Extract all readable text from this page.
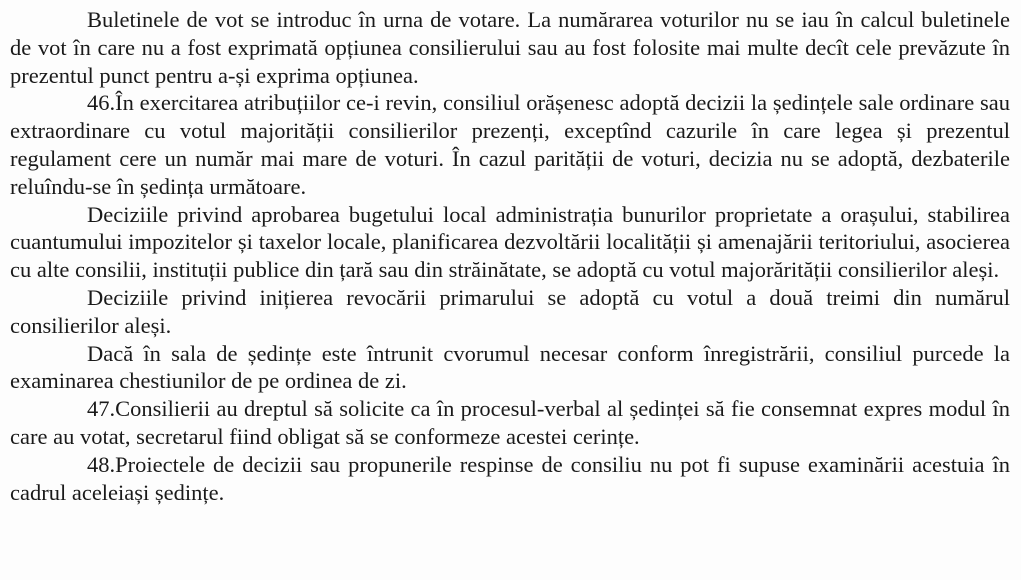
Buletinele de vot se introduc în urna de votare. La numărarea voturilor nu se iau în calcul buletinele de vot în care nu a fost exprimată opțiunea consilierului sau au fost folosite mai multe decît cele prevăzute în prezentul punct pentru a-și exprima opțiunea.

46.În exercitarea atribuțiilor ce-i revin, consiliul orășenesc adoptă decizii la ședințele sale ordinare sau extraordinare cu votul majorității consilierilor prezenți, exceptînd cazurile în care legea și prezentul regulament cere un număr mai mare de voturi. În cazul parității de voturi, decizia nu se adoptă, dezbaterile reluîndu-se în ședința următoare.

Deciziile privind aprobarea bugetului local administrația bunurilor proprietate a orașului, stabilirea cuantumului impozitelor și taxelor locale, planificarea dezvoltării localității și amenajării teritoriului, asocierea cu alte consilii, instituții publice din țară sau din străinătate, se adoptă cu votul majorărității consilierilor aleși.

Deciziile privind inițierea revocării primarului se adoptă cu votul a două treimi din numărul consilierilor aleși.

Dacă în sala de ședințe este întrunit cvorumul necesar conform înregistrării, consiliul purcede la examinarea chestiunilor de pe ordinea de zi.

47.Consilierii au dreptul să solicite ca în procesul-verbal al ședinței să fie consemnat expres modul în care au votat, secretarul fiind obligat să se conformeze acestei cerințe.

48.Proiectele de decizii sau propunerile respinse de consiliu nu pot fi supuse examinării acestuia în cadrul aceleiași ședințe.
